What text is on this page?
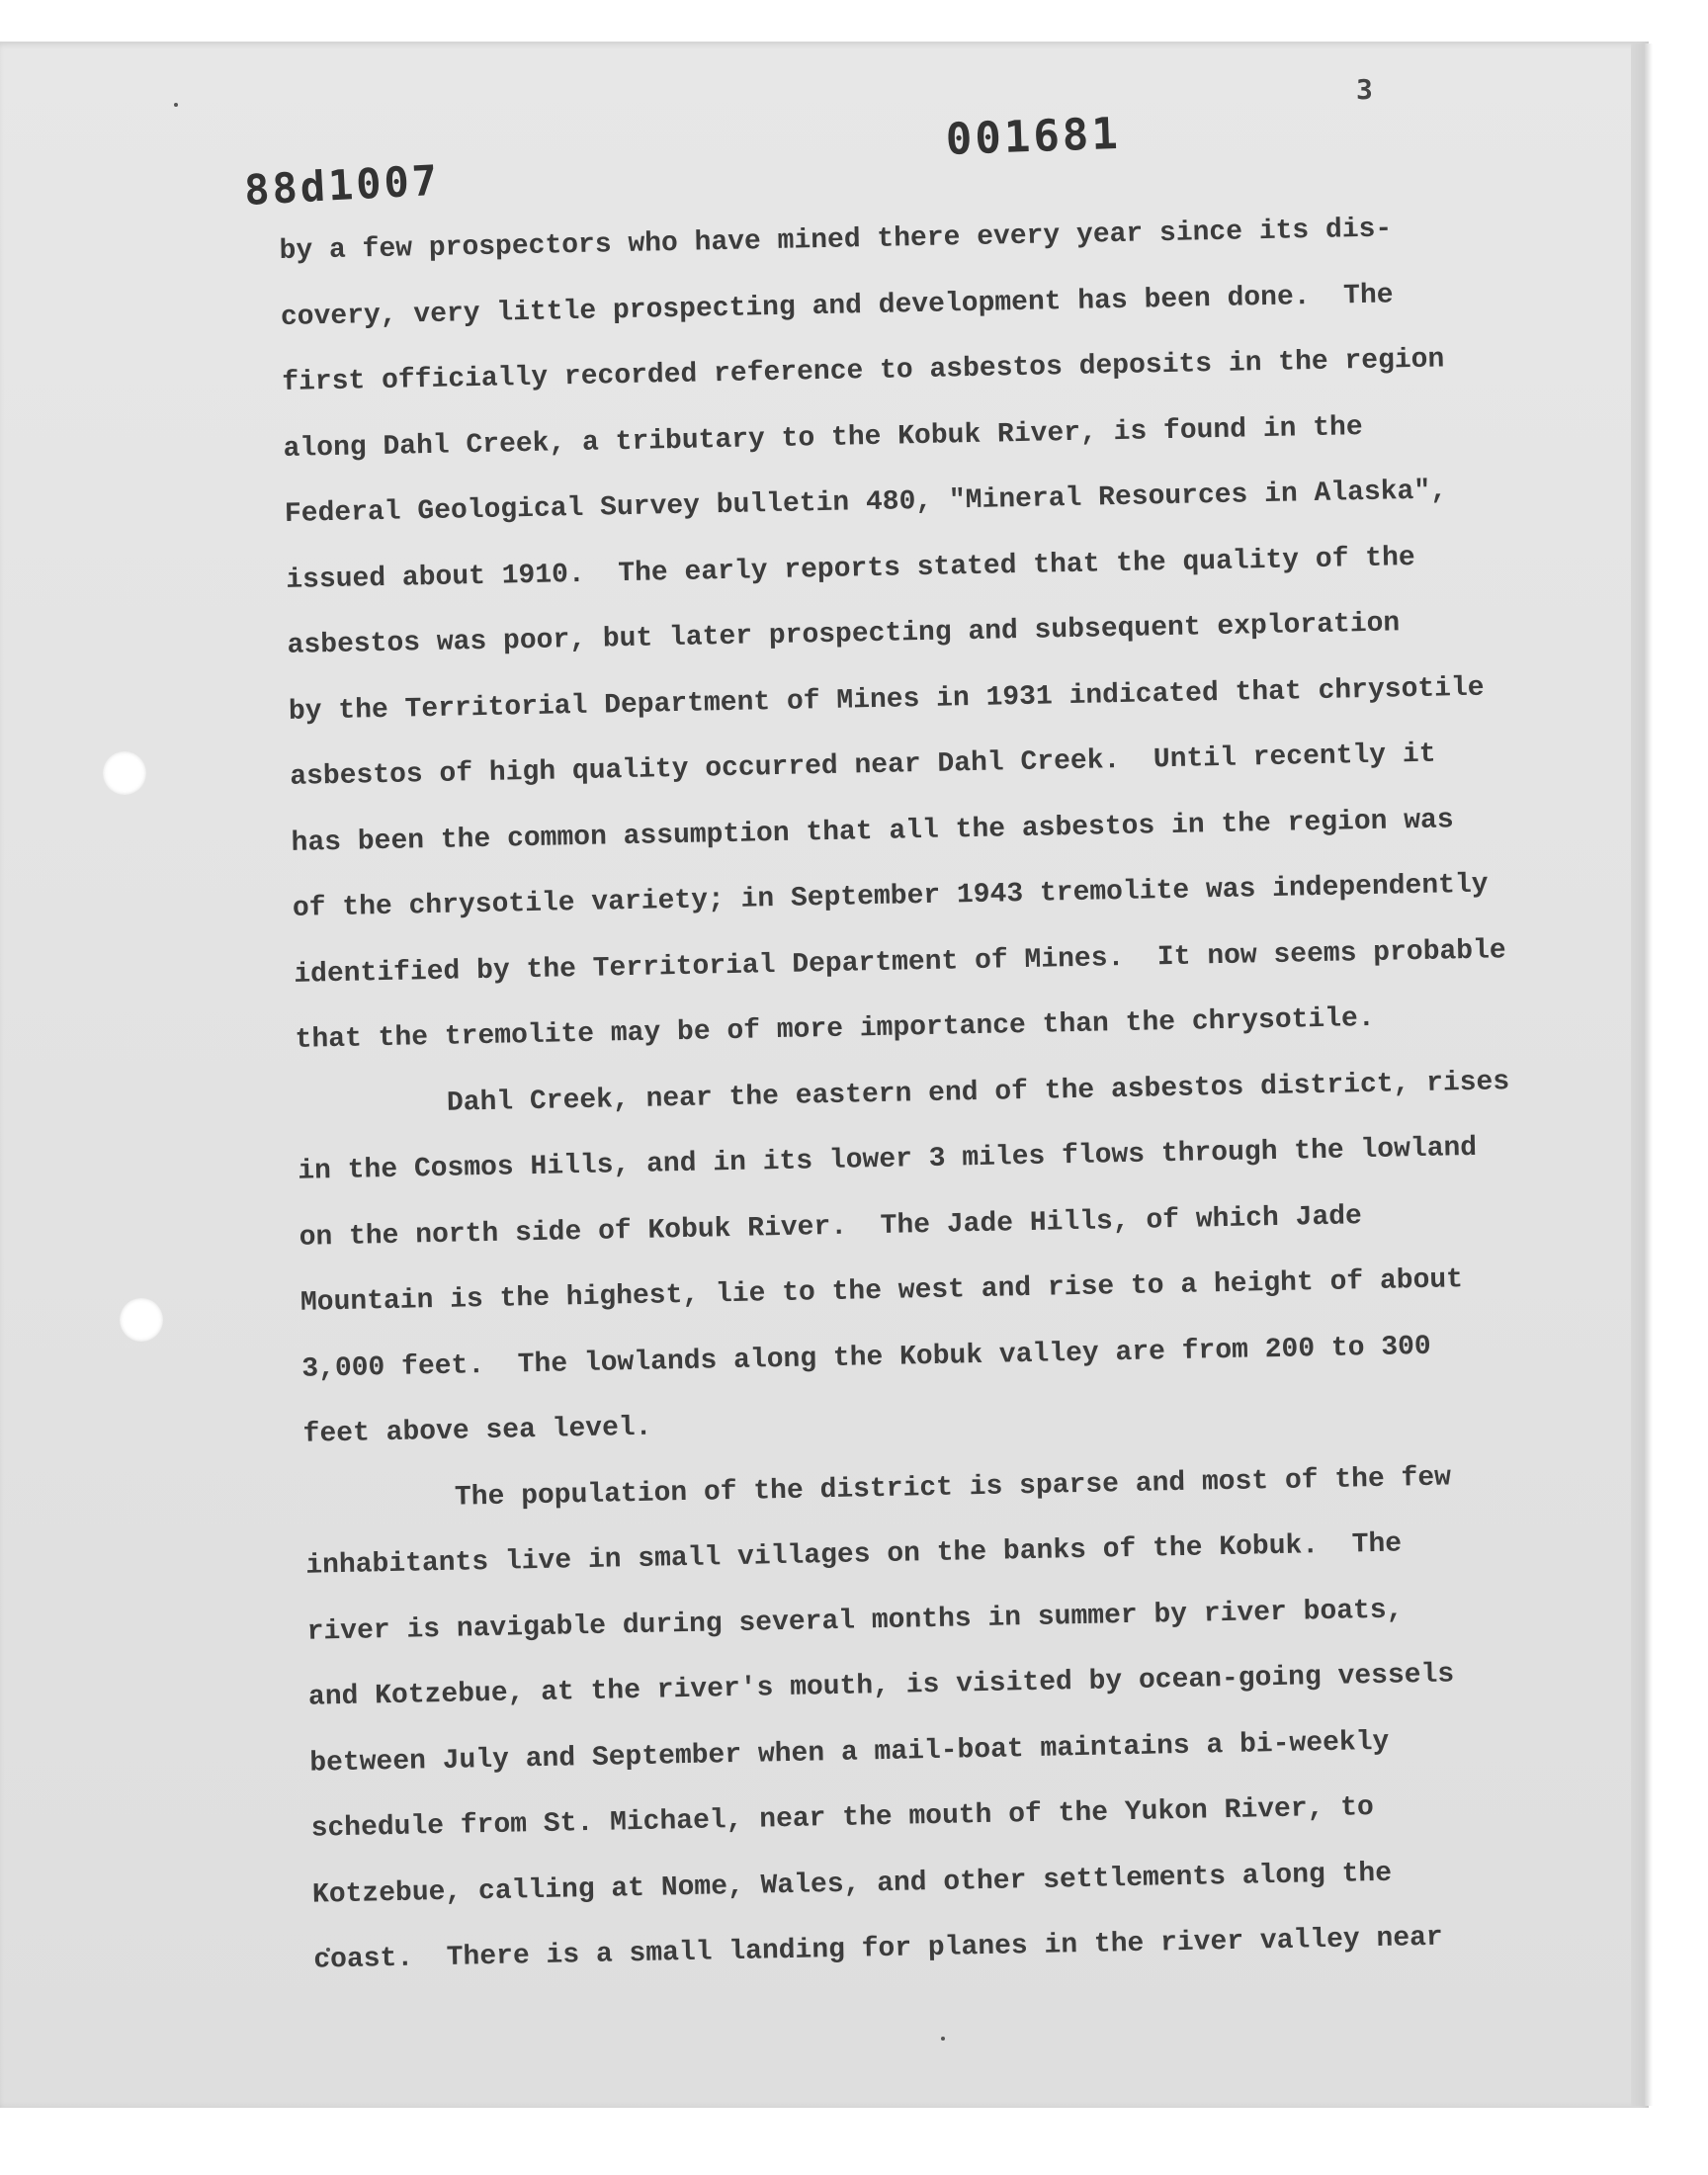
88d1007
001681
3
by a few prospectors who have mined there every year since its dis-
covery, very little prospecting and development has been done.  The
first officially recorded reference to asbestos deposits in the region
along Dahl Creek, a tributary to the Kobuk River, is found in the
Federal Geological Survey bulletin 480, "Mineral Resources in Alaska",
issued about 1910.  The early reports stated that the quality of the
asbestos was poor, but later prospecting and subsequent exploration
by the Territorial Department of Mines in 1931 indicated that chrysotile
asbestos of high quality occurred near Dahl Creek.  Until recently it
has been the common assumption that all the asbestos in the region was
of the chrysotile variety; in September 1943 tremolite was independently
identified by the Territorial Department of Mines.  It now seems probable
that the tremolite may be of more importance than the chrysotile.
Dahl Creek, near the eastern end of the asbestos district, rises
in the Cosmos Hills, and in its lower 3 miles flows through the lowland
on the north side of Kobuk River.  The Jade Hills, of which Jade
Mountain is the highest, lie to the west and rise to a height of about
3,000 feet.  The lowlands along the Kobuk valley are from 200 to 300
feet above sea level.
The population of the district is sparse and most of the few
inhabitants live in small villages on the banks of the Kobuk.  The
river is navigable during several months in summer by river boats,
and Kotzebue, at the river's mouth, is visited by ocean-going vessels
between July and September when a mail-boat maintains a bi-weekly
schedule from St. Michael, near the mouth of the Yukon River, to
Kotzebue, calling at Nome, Wales, and other settlements along the
coast.  There is a small landing for planes in the river valley near
